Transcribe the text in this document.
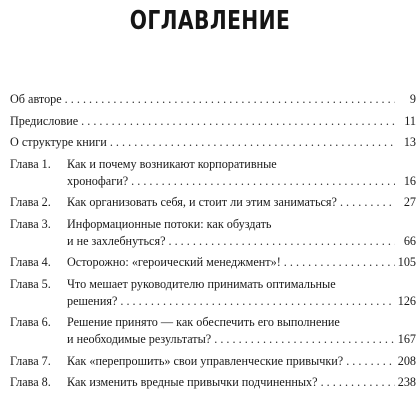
ОГЛАВЛЕНИЕ
Об авторе . . .	9
Предисловие . . .	11
О структуре книги . . .	13
Глава 1.	Как и почему возникают корпоративные
хронофаги? . . .	16
Глава 2.	Как организовать себя, и стоит ли этим заниматься? . . .	27
Глава 3.	Информационные потоки: как обуздать
и не захлебнуться? . . .	66
Глава 4.	Осторожно: «героический менеджмент»! . . .	105
Глава 5.	Что мешает руководителю принимать оптимальные
решения? . . .	126
Глава 6.	Решение принято — как обеспечить его выполнение
и необходимые результаты? . . .	167
Глава 7.	Как «перепрошить» свои управленческие привычки? . . .	208
Глава 8.	Как изменить вредные привычки подчиненных? . . .	238
